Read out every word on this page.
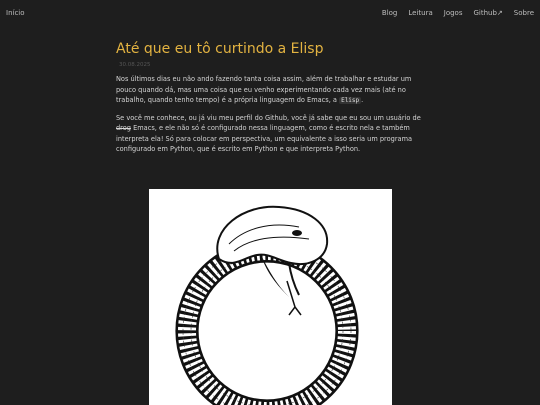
Início	Blog Leitura Jogos Github↗ Sobre
Até que eu tô curtindo a Elisp
30.08.2025

Nos últimos dias eu não ando fazendo tanta coisa assim, além de trabalhar e estudar um pouco quando dá, mas uma coisa que eu venho experimentando cada vez mais (até no trabalho, quando tenho tempo) é a própria linguagem do Emacs, a Elisp .

Se você me conhece, ou já viu meu perfil do Github, você já sabe que eu sou um usuário de drog Emacs, e ele não só é configurado nessa linguagem, como é escrito nela e também interpreta ela! Só para colocar em perspectiva, um equivalente a isso seria um programa configurado em Python, que é escrito em Python e que interpreta Python.
